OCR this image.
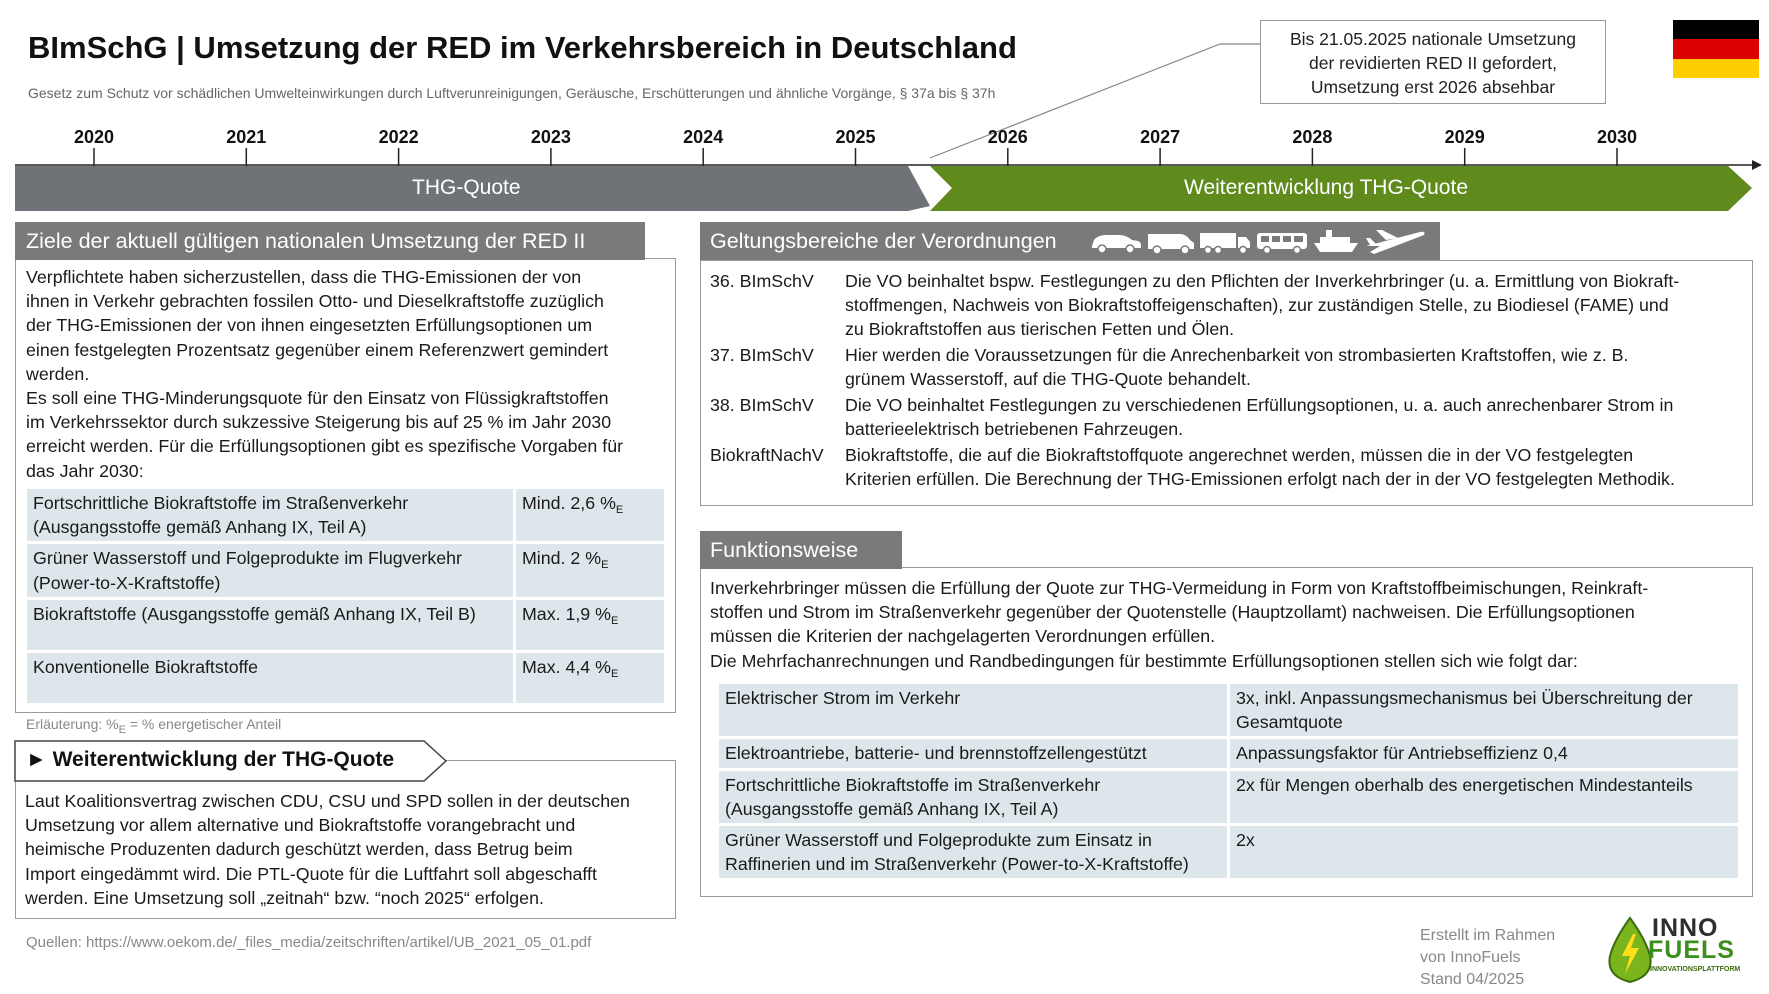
BImSchG | Umsetzung der RED im Verkehrsbereich in Deutschland
Gesetz zum Schutz vor schädlichen Umwelteinwirkungen durch Luftverunreinigungen, Geräusche, Erschütterungen und ähnliche Vorgänge, § 37a bis § 37h
Bis 21.05.2025 nationale Umsetzung
der revidierten RED II gefordert,
Umsetzung erst 2026 absehbar
2020	2021	2022	2023	2024	2025	2026	2027	2028	2029	2030
THG-Quote	Weiterentwicklung THG-Quote
Ziele der aktuell gültigen nationalen Umsetzung der RED II
Verpflichtete haben sicherzustellen, dass die THG-Emissionen der von
ihnen in Verkehr gebrachten fossilen Otto- und Dieselkraftstoffe zuzüglich
der THG-Emissionen der von ihnen eingesetzten Erfüllungsoptionen um
einen festgelegten Prozentsatz gegenüber einem Referenzwert gemindert
werden.
Es soll eine THG-Minderungsquote für den Einsatz von Flüssigkraftstoffen
im Verkehrssektor durch sukzessive Steigerung bis auf 25 % im Jahr 2030
erreicht werden. Für die Erfüllungsoptionen gibt es spezifische Vorgaben für
das Jahr 2030:
Fortschrittliche Biokraftstoffe im Straßenverkehr
(Ausgangsstoffe gemäß Anhang IX, Teil A)	Mind. 2,6 $\%_E$

Grüner Wasserstoff und Folgeprodukte im Flugverkehr
(Power-to-X-Kraftstoffe)	Mind. 2 $\%_E$

Biokraftstoffe (Ausgangsstoffe gemäß Anhang IX, Teil B)	Max. 1,9 $\%_E$

Konventionelle Biokraftstoffe	Max. 4,4 $\%_E$
Erläuterung: $\%_E$ = % energetischer Anteil
► Weiterentwicklung der THG-Quote
Laut Koalitionsvertrag zwischen CDU, CSU und SPD sollen in der deutschen
Umsetzung vor allem alternative und Biokraftstoffe vorangebracht und
heimische Produzenten dadurch geschützt werden, dass Betrug beim
Import eingedämmt wird. Die PTL-Quote für die Luftfahrt soll abgeschafft
werden. Eine Umsetzung soll „zeitnah“ bzw. “noch 2025“ erfolgen.
Geltungsbereiche der Verordnungen
36. BImSchV Die VO beinhaltet bspw. Festlegungen zu den Pflichten der Inverkehrbringer (u. a. Ermittlung von Biokraft-
stoffmengen, Nachweis von Biokraftstoffeigenschaften), zur zuständigen Stelle, zu Biodiesel (FAME) und
zu Biokraftstoffen aus tierischen Fetten und Ölen.
37. BImSchV Hier werden die Voraussetzungen für die Anrechenbarkeit von strombasierten Kraftstoffen, wie z. B.
grünem Wasserstoff, auf die THG-Quote behandelt.
38. BImSchV Die VO beinhaltet Festlegungen zu verschiedenen Erfüllungsoptionen, u. a. auch anrechenbarer Strom in
batterieelektrisch betriebenen Fahrzeugen.
BiokraftNachV Biokraftstoffe, die auf die Biokraftstoffquote angerechnet werden, müssen die in der VO festgelegten
Kriterien erfüllen. Die Berechnung der THG-Emissionen erfolgt nach der in der VO festgelegten Methodik.
Funktionsweise
Inverkehrbringer müssen die Erfüllung der Quote zur THG-Vermeidung in Form von Kraftstoffbeimischungen, Reinkraft-
stoffen und Strom im Straßenverkehr gegenüber der Quotenstelle (Hauptzollamt) nachweisen. Die Erfüllungsoptionen
müssen die Kriterien der nachgelagerten Verordnungen erfüllen.
Die Mehrfachanrechnungen und Randbedingungen für bestimmte Erfüllungsoptionen stellen sich wie folgt dar:
Elektrischer Strom im Verkehr	3x, inkl. Anpassungsmechanismus bei Überschreitung der
Gesamtquote

Elektroantriebe, batterie- und brennstoffzellengestützt	Anpassungsfaktor für Antriebseffizienz 0,4

Fortschrittliche Biokraftstoffe im Straßenverkehr
(Ausgangsstoffe gemäß Anhang IX, Teil A)	2x für Mengen oberhalb des energetischen Mindestanteils

Grüner Wasserstoff und Folgeprodukte zum Einsatz in
Raffinerien und im Straßenverkehr (Power-to-X-Kraftstoffe)	2x
Quellen: https://www.oekom.de/_files_media/zeitschriften/artikel/UB_2021_05_01.pdf	Erstellt im Rahmen
von InnoFuels
Stand 04/2025
INNO
FUELS
INNOVATIONSPLATTFORM
